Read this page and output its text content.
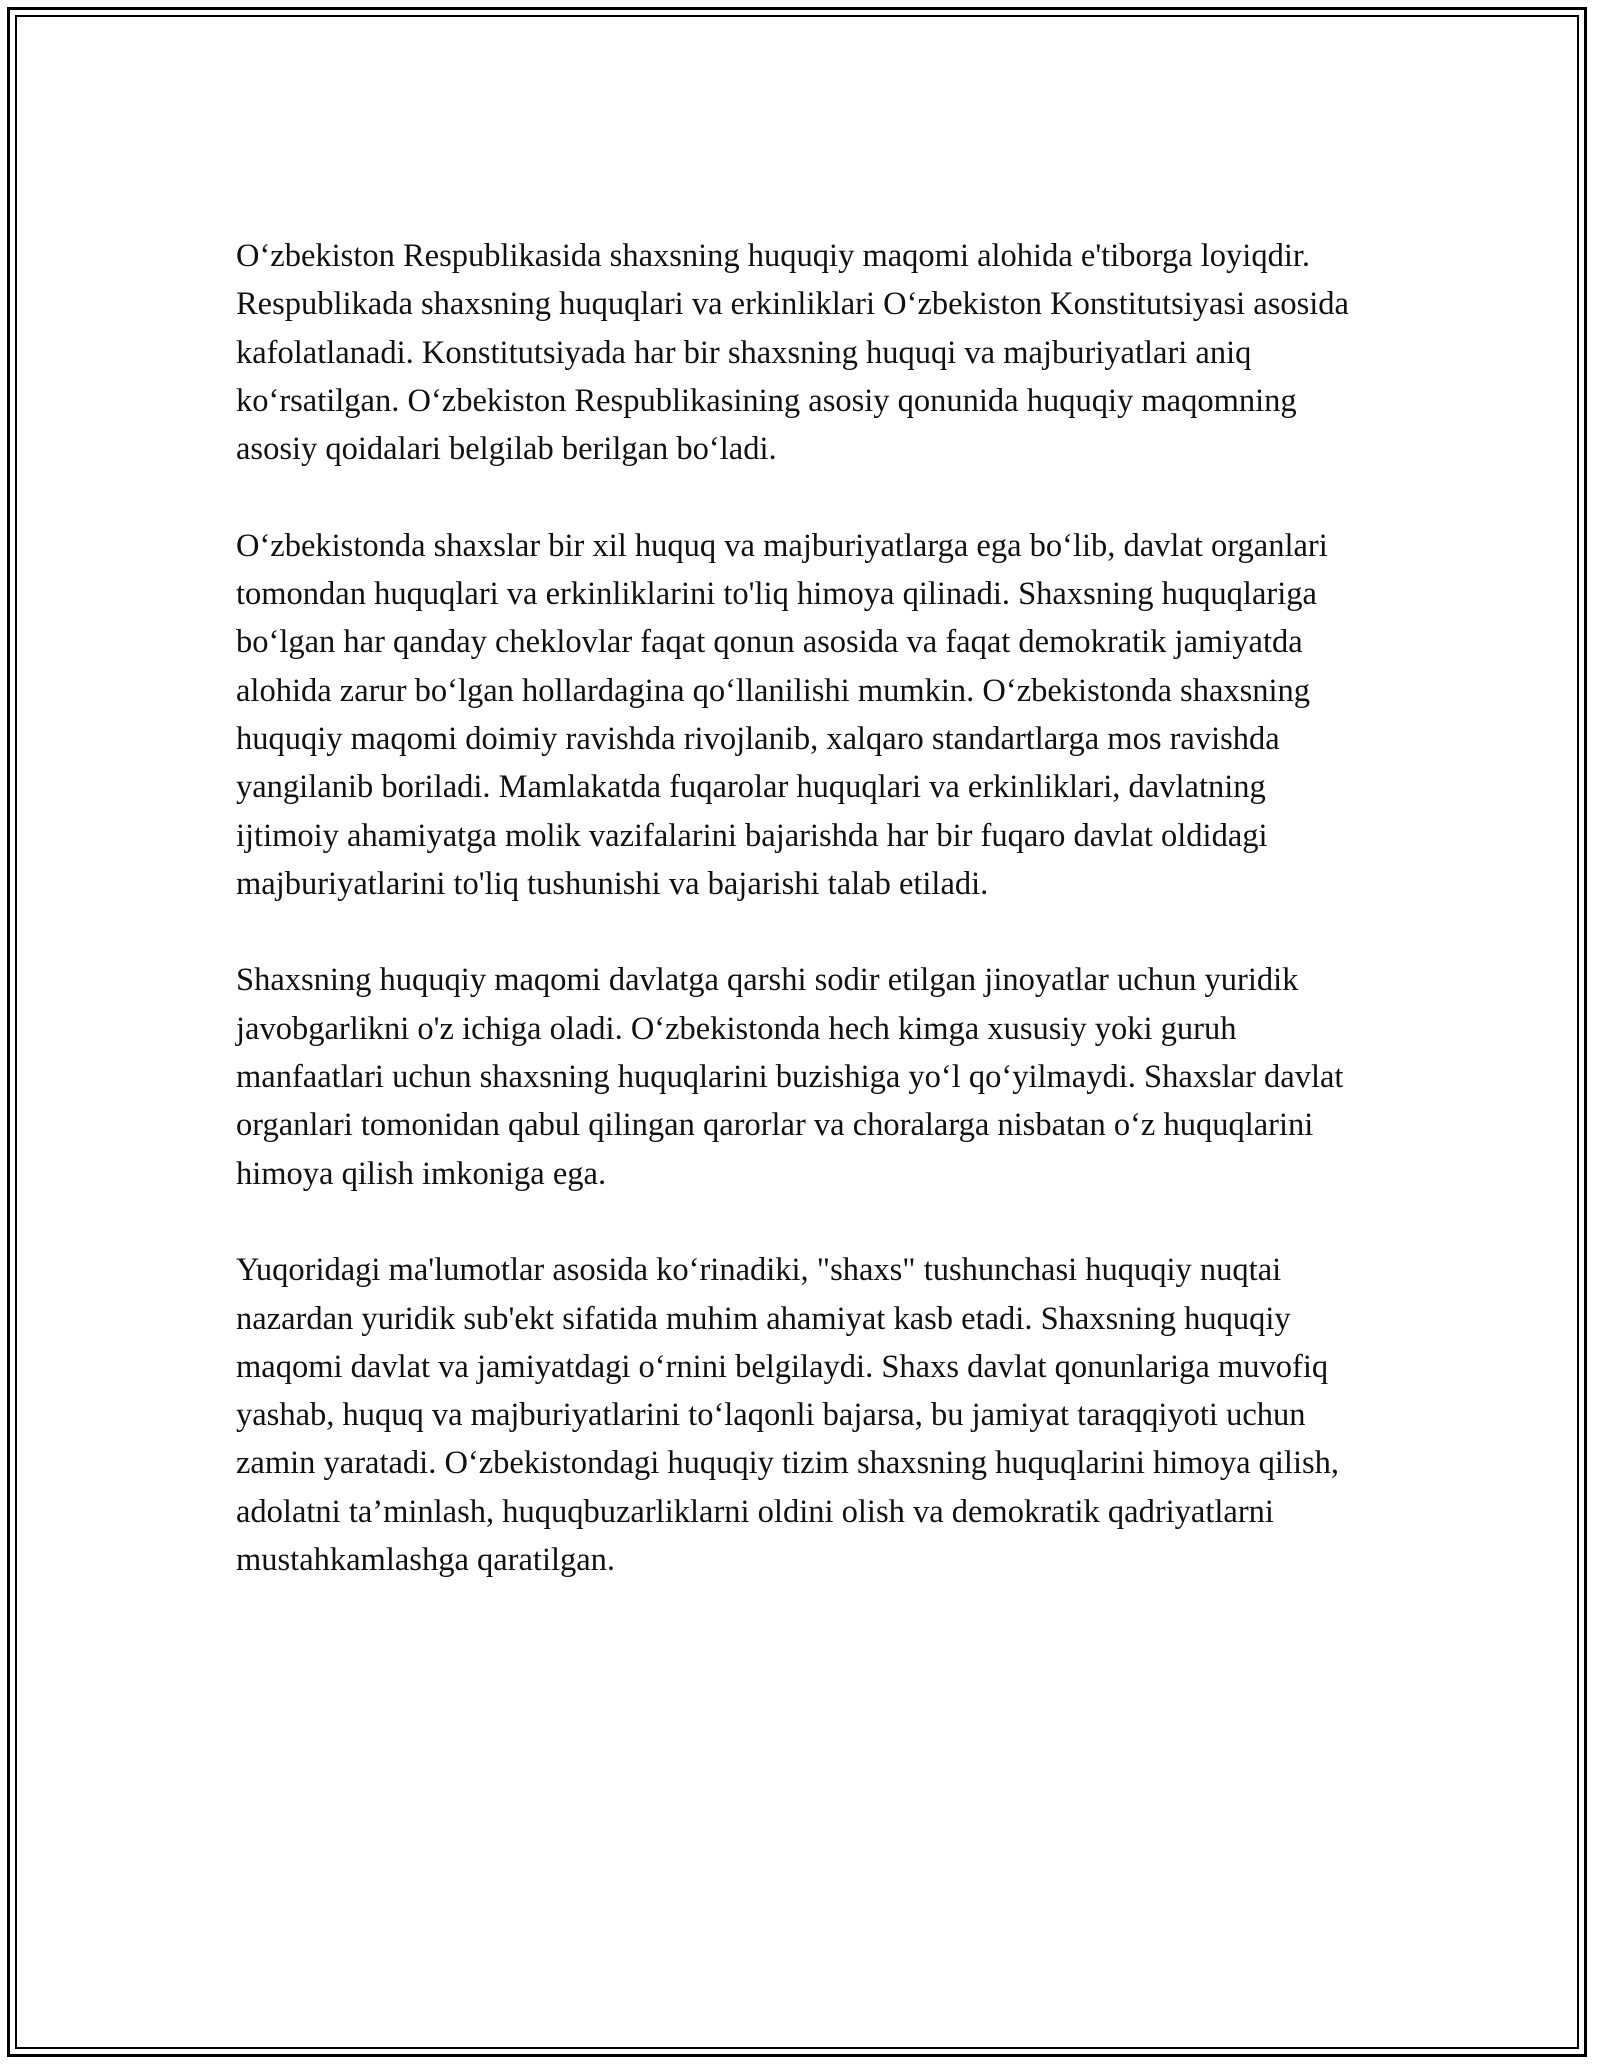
O‘zbekiston Respublikasida shaxsning huquqiy maqomi alohida e'tiborga loyiqdir. Respublikada shaxsning huquqlari va erkinliklari O‘zbekiston Konstitutsiyasi asosida kafolatlanadi. Konstitutsiyada har bir shaxsning huquqi va majburiyatlari aniq ko‘rsatilgan. O‘zbekiston Respublikasining asosiy qonunida huquqiy maqomning asosiy qoidalari belgilab berilgan bo‘ladi.

O‘zbekistonda shaxslar bir xil huquq va majburiyatlarga ega bo‘lib, davlat organlari tomondan huquqlari va erkinliklarini to'liq himoya qilinadi. Shaxsning huquqlariga bo‘lgan har qanday cheklovlar faqat qonun asosida va faqat demokratik jamiyatda alohida zarur bo‘lgan hollardagina qo‘llanilishi mumkin. O‘zbekistonda shaxsning huquqiy maqomi doimiy ravishda rivojlanib, xalqaro standartlarga mos ravishda yangilanib boriladi. Mamlakatda fuqarolar huquqlari va erkinliklari, davlatning ijtimoiy ahamiyatga molik vazifalarini bajarishda har bir fuqaro davlat oldidagi majburiyatlarini to'liq tushunishi va bajarishi talab etiladi.

Shaxsning huquqiy maqomi davlatga qarshi sodir etilgan jinoyatlar uchun yuridik javobgarlikni o'z ichiga oladi. O‘zbekistonda hech kimga xususiy yoki guruh manfaatlari uchun shaxsning huquqlarini buzishiga yo‘l qo‘yilmaydi. Shaxslar davlat organlari tomonidan qabul qilingan qarorlar va choralarga nisbatan o‘z huquqlarini himoya qilish imkoniga ega.

Yuqoridagi ma'lumotlar asosida ko‘rinadiki, "shaxs" tushunchasi huquqiy nuqtai nazardan yuridik sub'ekt sifatida muhim ahamiyat kasb etadi. Shaxsning huquqiy maqomi davlat va jamiyatdagi o‘rnini belgilaydi. Shaxs davlat qonunlariga muvofiq yashab, huquq va majburiyatlarini to‘laqonli bajarsa, bu jamiyat taraqqiyoti uchun zamin yaratadi. O‘zbekistondagi huquqiy tizim shaxsning huquqlarini himoya qilish, adolatni ta’minlash, huquqbuzarliklarni oldini olish va demokratik qadriyatlarni mustahkamlashga qaratilgan.
